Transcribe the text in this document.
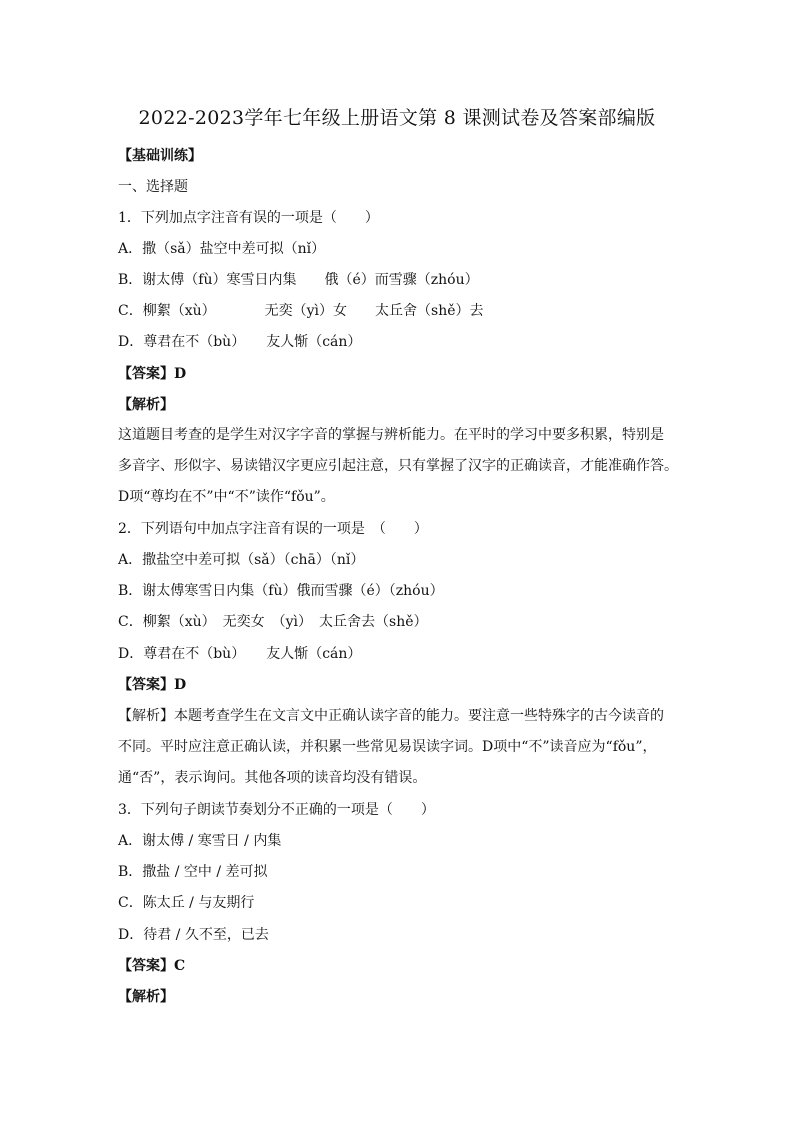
2022-2023学年七年级上册语文第 8 课测试卷及答案部编版
【基础训练】
一、选择题
1．下列加点字注音有误的一项是（　　）
A．撒（sǎ）盐空中差可拟（nǐ）
B．谢太傅（fù）寒雪日内集　　俄（é）而雪骤（zhóu）
C．柳絮（xù）　　　　无奕（yì）女　　太丘舍（shě）去
D．尊君在不（bù）　　友人惭（cán）
【答案】D
【解析】
这道题目考查的是学生对汉字字音的掌握与辨析能力。在平时的学习中要多积累，特别是
多音字、形似字、易读错汉字更应引起注意，只有掌握了汉字的正确读音，才能准确作答。
D项“尊均在不”中“不”读作“fǒu”。
2．下列语句中加点字注音有误的一项是　（　　）
A．撒盐空中差可拟（sǎ）（chā）（nǐ）
B．谢太傅寒雪日内集（fù）俄而雪骤（é）（zhóu）
C．柳絮（xù）　无奕女　（yì）　太丘舍去（shě）
D．尊君在不（bù）　　友人惭（cán）
【答案】D
【解析】本题考查学生在文言文中正确认读字音的能力。要注意一些特殊字的古今读音的
不同。平时应注意正确认读，并积累一些常见易误读字词。D项中“不”读音应为“fǒu”，
通“否”，表示询问。其他各项的读音均没有错误。
3．下列句子朗读节奏划分不正确的一项是（　　）
A．谢太傅 / 寒雪日 / 内集
B．撒盐 / 空中 / 差可拟
C．陈太丘 / 与友期行
D．待君 / 久不至，已去
【答案】C
【解析】
